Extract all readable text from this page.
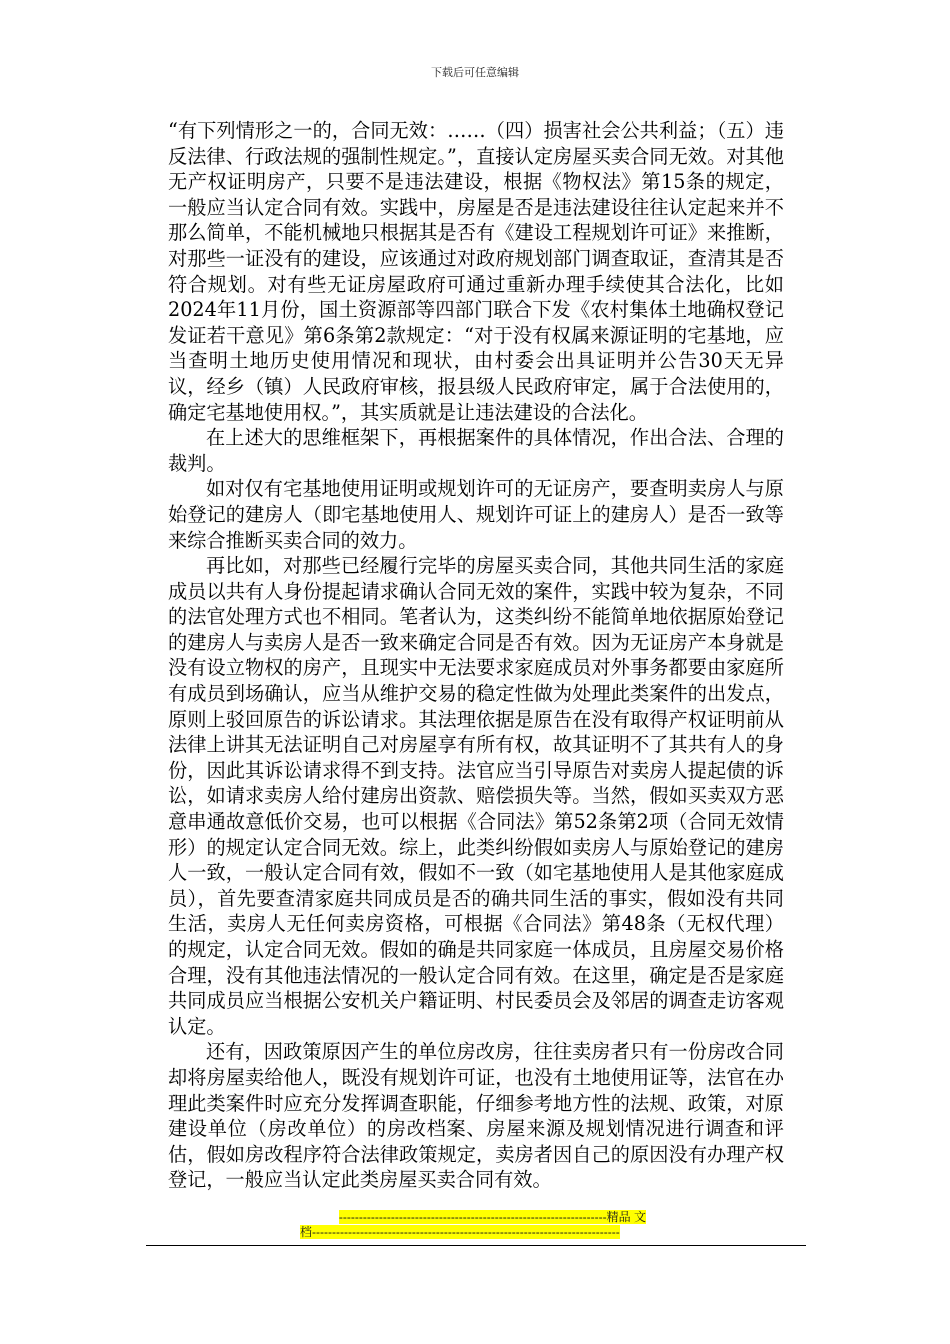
下载后可任意编辑

“有下列情形之一的，合同无效：……（四）损害社会公共利益；（五）违反法律、行政法规的强制性规定。”，直接认定房屋买卖合同无效。对其他无产权证明房产，只要不是违法建设，根据《物权法》第15条的规定，一般应当认定合同有效。实践中，房屋是否是违法建设往往认定起来并不那么简单，不能机械地只根据其是否有《建设工程规划许可证》来推断，对那些一证没有的建设，应该通过对政府规划部门调查取证，查清其是否符合规划。对有些无证房屋政府可通过重新办理手续使其合法化，比如2024年11月份，国土资源部等四部门联合下发《农村集体土地确权登记发证若干意见》第6条第2款规定：“对于没有权属来源证明的宅基地，应当查明土地历史使用情况和现状，由村委会出具证明并公告30天无异议，经乡（镇）人民政府审核，报县级人民政府审定，属于合法使用的，确定宅基地使用权。”，其实质就是让违法建设的合法化。

在上述大的思维框架下，再根据案件的具体情况，作出合法、合理的裁判。

如对仅有宅基地使用证明或规划许可的无证房产，要查明卖房人与原始登记的建房人（即宅基地使用人、规划许可证上的建房人）是否一致等来综合推断买卖合同的效力。

再比如，对那些已经履行完毕的房屋买卖合同，其他共同生活的家庭成员以共有人身份提起请求确认合同无效的案件，实践中较为复杂，不同的法官处理方式也不相同。笔者认为，这类纠纷不能简单地依据原始登记的建房人与卖房人是否一致来确定合同是否有效。因为无证房产本身就是没有设立物权的房产，且现实中无法要求家庭成员对外事务都要由家庭所有成员到场确认，应当从维护交易的稳定性做为处理此类案件的出发点，原则上驳回原告的诉讼请求。其法理依据是原告在没有取得产权证明前从法律上讲其无法证明自己对房屋享有所有权，故其证明不了其共有人的身份，因此其诉讼请求得不到支持。法官应当引导原告对卖房人提起债的诉讼，如请求卖房人给付建房出资款、赔偿损失等。当然，假如买卖双方恶意串通故意低价交易，也可以根据《合同法》第52条第2项（合同无效情形）的规定认定合同无效。综上，此类纠纷假如卖房人与原始登记的建房人一致，一般认定合同有效，假如不一致（如宅基地使用人是其他家庭成员），首先要查清家庭共同成员是否的确共同生活的事实，假如没有共同生活，卖房人无任何卖房资格，可根据《合同法》第48条（无权代理）的规定，认定合同无效。假如的确是共同家庭一体成员，且房屋交易价格合理，没有其他违法情况的一般认定合同有效。在这里，确定是否是家庭共同成员应当根据公安机关户籍证明、村民委员会及邻居的调查走访客观认定。

还有，因政策原因产生的单位房改房，往往卖房者只有一份房改合同却将房屋卖给他人，既没有规划许可证，也没有土地使用证等，法官在办理此类案件时应充分发挥调查职能，仔细参考地方性的法规、政策，对原建设单位（房改单位）的房改档案、房屋来源及规划情况进行调查和评估，假如房改程序符合法律政策规定，卖房者因自己的原因没有办理产权登记，一般应当认定此类房屋买卖合同有效。

-------------------------------------------------------------------精品 文
档-----------------------------------------------------------------------------
